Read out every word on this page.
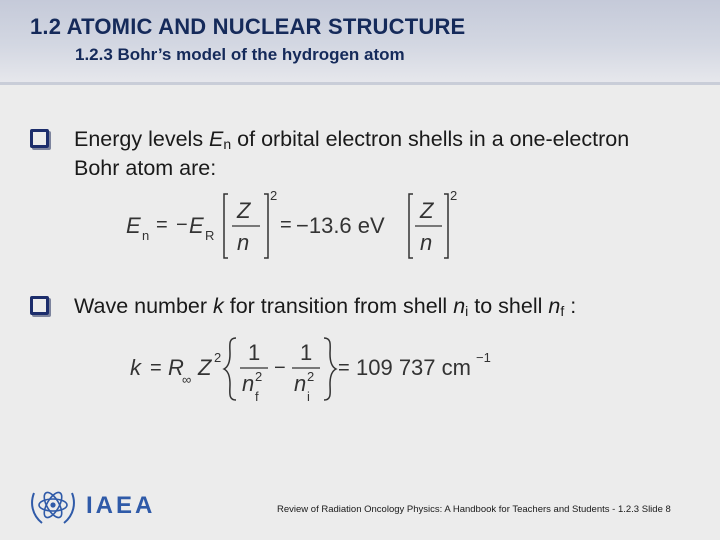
1.2 ATOMIC AND NUCLEAR STRUCTURE
1.2.3 Bohr’s model of the hydrogen atom
Energy levels $E_n$ of orbital electron shells in a one-electron
Bohr atom are:
E n = − E R
Z
n
2
= −13.6 eV
Z
n
2
Wave number k for transition from shell $n_i$ to shell $n_f$ :
k = R
∞ Z 2 1
n 2
f
−
1
n 2
i
= 109 737 cm −1
IAEA	Review of Radiation Oncology Physics: A Handbook for Teachers and Students - 1.2.3 Slide 8
